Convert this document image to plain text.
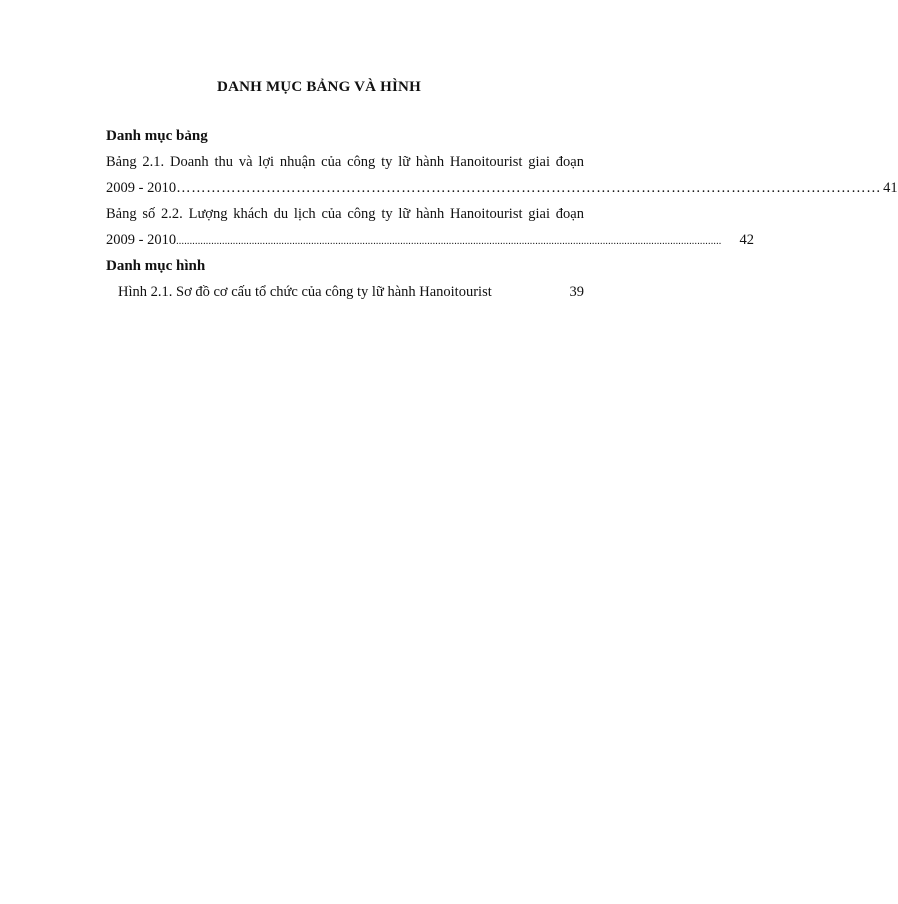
DANH MỤC BẢNG VÀ HÌNH
Danh mục bảng
Bảng 2.1. Doanh thu và lợi nhuận của công ty lữ hành Hanoitourist giai đoạn
2009 - 2010 …………………………………………………………………………………………………………………………… 41
Bảng số 2.2. Lượng khách du lịch của công ty lữ hành Hanoitourist giai đoạn
2009 - 2010 ..........................................................................................................................................................................................................	42
Danh mục hình
Hình 2.1. Sơ đồ cơ cấu tổ chức của công ty lữ hành Hanoitourist	39
